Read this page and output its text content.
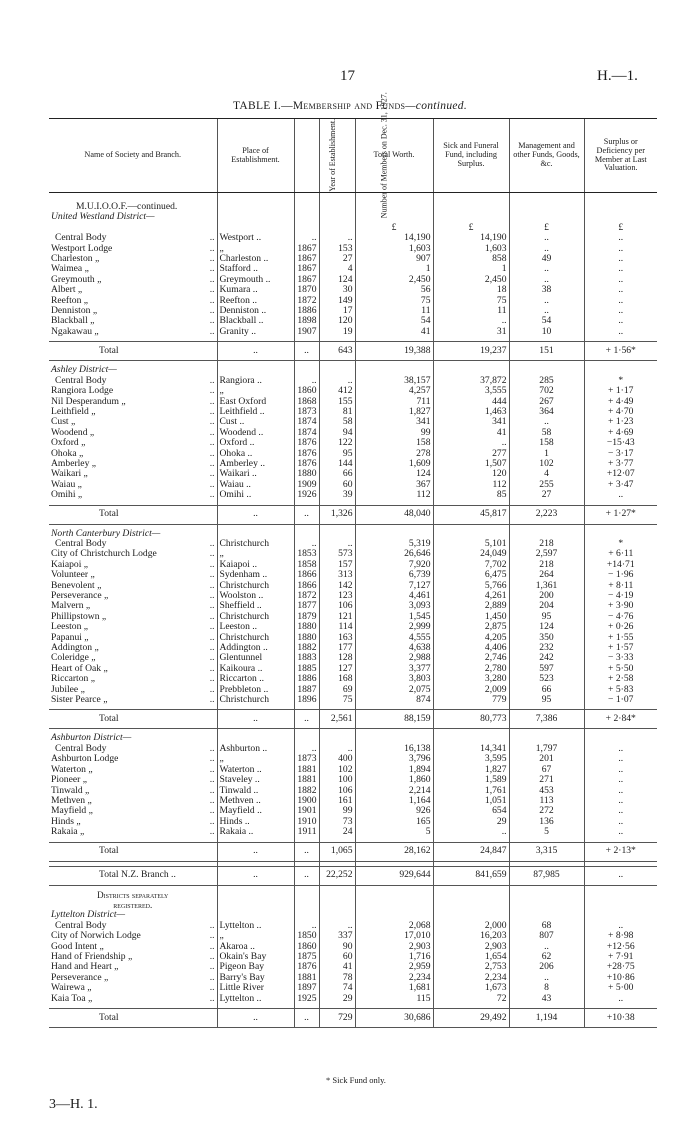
17	H.—1.
TABLE I.—Membership and Funds—continued.
Name of Society and Branch.	Place of Establishment.	Year of Establishment.	Number of Members on Dec. 31, 1927.	Total Worth.	Sick and Funeral Fund, including Surplus.	Management and other Funds, Goods, &c.	Surplus or Deficiency per Member at Last Valuation.

M.U.I.O.O.F.—continued.							
United Westland District—							
				£	£	£	£
Central Body ..	Westport ..	..	..	14,190	14,190	..	..
Westport Lodge ..	„	1867	153	1,603	1,603	..	..
Charleston „ ..	Charleston ..	1867	27	907	858	49	..
Waimea „ ..	Stafford ..	1867	4	1	1	..	..
Greymouth „ ..	Greymouth ..	1867	124	2,450	2,450	..	..
Albert „ ..	Kumara ..	1870	30	56	18	38	..
Reefton „ ..	Reefton ..	1872	149	75	75	..	..
Denniston „ ..	Denniston ..	1886	17	11	11	..	..
Blackball „ ..	Blackball ..	1898	120	54	..	54	..
Ngakawau „ ..	Granity ..	1907	19	41	31	10	..

Total	..	..	643	19,388	19,237	151	+ 1·56*

Ashley District—							
Central Body ..	Rangiora ..	..	..	38,157	37,872	285	*
Rangiora Lodge ..	„	1860	412	4,257	3,555	702	+ 1·17
Nil Desperandum „ ..	East Oxford	1868	155	711	444	267	+ 4·49
Leithfield „ ..	Leithfield ..	1873	81	1,827	1,463	364	+ 4·70
Cust „ ..	Cust ..	1874	58	341	341	..	+ 1·23
Woodend „ ..	Woodend ..	1874	94	99	41	58	+ 4·69
Oxford „ ..	Oxford ..	1876	122	158	..	158	−15·43
Ohoka „ ..	Ohoka ..	1876	95	278	277	1	− 3·17
Amberley „ ..	Amberley ..	1876	144	1,609	1,507	102	+ 3·77
Waikari „ ..	Waikari ..	1880	66	124	120	4	+12·07
Waiau „ ..	Waiau ..	1909	60	367	112	255	+ 3·47
Omihi „ ..	Omihi ..	1926	39	112	85	27	..

Total	..	..	1,326	48,040	45,817	2,223	+ 1·27*

North Canterbury District—							
Central Body ..	Christchurch	..	..	5,319	5,101	218	*
City of Christchurch Lodge ..	„	1853	573	26,646	24,049	2,597	+ 6·11
Kaiapoi „ ..	Kaiapoi ..	1858	157	7,920	7,702	218	+14·71
Volunteer „ ..	Sydenham ..	1866	313	6,739	6,475	264	− 1·96
Benevolent „ ..	Christchurch	1866	142	7,127	5,766	1,361	+ 8·11
Perseverance „ ..	Woolston ..	1872	123	4,461	4,261	200	− 4·19
Malvern „ ..	Sheffield ..	1877	106	3,093	2,889	204	+ 3·90
Phillipstown „ ..	Christchurch	1879	121	1,545	1,450	95	− 4·76
Leeston „ ..	Leeston ..	1880	114	2,999	2,875	124	+ 0·26
Papanui „ ..	Christchurch	1880	163	4,555	4,205	350	+ 1·55
Addington „ ..	Addington ..	1882	177	4,638	4,406	232	+ 1·57
Coleridge „ ..	Glentunnel	1883	128	2,988	2,746	242	− 3·33
Heart of Oak „ ..	Kaikoura ..	1885	127	3,377	2,780	597	+ 5·50
Riccarton „ ..	Riccarton ..	1886	168	3,803	3,280	523	+ 2·58
Jubilee „ ..	Prebbleton ..	1887	69	2,075	2,009	66	+ 5·83
Sister Pearce „ ..	Christchurch	1896	75	874	779	95	− 1·07

Total	..	..	2,561	88,159	80,773	7,386	+ 2·84*

Ashburton District—							
Central Body ..	Ashburton ..	..	..	16,138	14,341	1,797	..
Ashburton Lodge ..	„	1873	400	3,796	3,595	201	..
Waterton „ ..	Waterton ..	1881	102	1,894	1,827	67	..
Pioneer „ ..	Staveley ..	1881	100	1,860	1,589	271	..
Tinwald „ ..	Tinwald ..	1882	106	2,214	1,761	453	..
Methven „ ..	Methven ..	1900	161	1,164	1,051	113	..
Mayfield „ ..	Mayfield ..	1901	99	926	654	272	..
Hinds „ ..	Hinds ..	1910	73	165	29	136	..
Rakaia „ ..	Rakaia ..	1911	24	5	..	5	..

Total	..	..	1,065	28,162	24,847	3,315	+ 2·13*

Total N.Z. Branch ..	..	..	22,252	929,644	841,659	87,985	..

Districts separately							
registered.							
Lyttelton District—							
Central Body ..	Lyttelton ..	..	..	2,068	2,000	68	..
City of Norwich Lodge ..	„	1850	337	17,010	16,203	807	+ 8·98
Good Intent „ ..	Akaroa ..	1860	90	2,903	2,903	..	+12·56
Hand of Friendship „ ..	Okain's Bay	1875	60	1,716	1,654	62	+ 7·91
Hand and Heart „ ..	Pigeon Bay	1876	41	2,959	2,753	206	+28·75
Perseverance „ ..	Barry's Bay	1881	78	2,234	2,234	..	+10·86
Wairewa „ ..	Little River	1897	74	1,681	1,673	8	+ 5·00
Kaia Toa „ ..	Lyttelton ..	1925	29	115	72	43	..

Total	..	..	729	30,686	29,492	1,194	+10·38
* Sick Fund only.
3—H. 1.
